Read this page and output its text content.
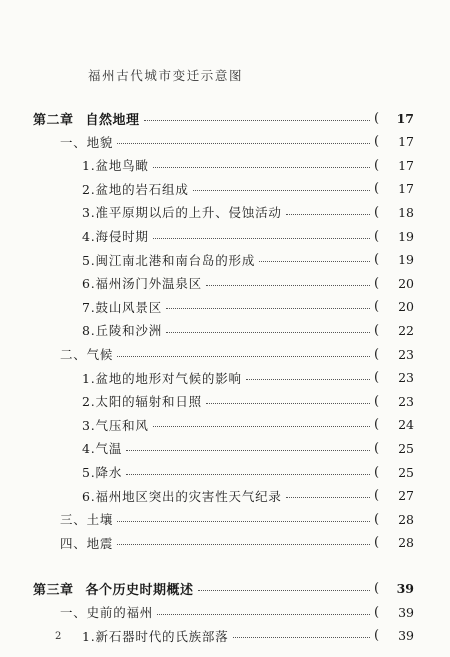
福州古代城市变迁示意图
第二章 自然地理	(	17
一、地貌	(	17
1.盆地鸟瞰	(	17
2.盆地的岩石组成	(	17
3.准平原期以后的上升、侵蚀活动	(	18
4.海侵时期	(	19
5.闽江南北港和南台岛的形成	(	19
6.福州汤门外温泉区	(	20
7.鼓山风景区	(	20
8.丘陵和沙洲	(	22
二、气候	(	23
1.盆地的地形对气候的影响	(	23
2.太阳的辐射和日照	(	23
3.气压和风	(	24
4.气温	(	25
5.降水	(	25
6.福州地区突出的灾害性天气纪录	(	27
三、土壤	(	28
四、地震	(	28
第三章 各个历史时期概述	(	39
一、史前的福州	(	39
1.新石器时代的氏族部落	(	39
2
